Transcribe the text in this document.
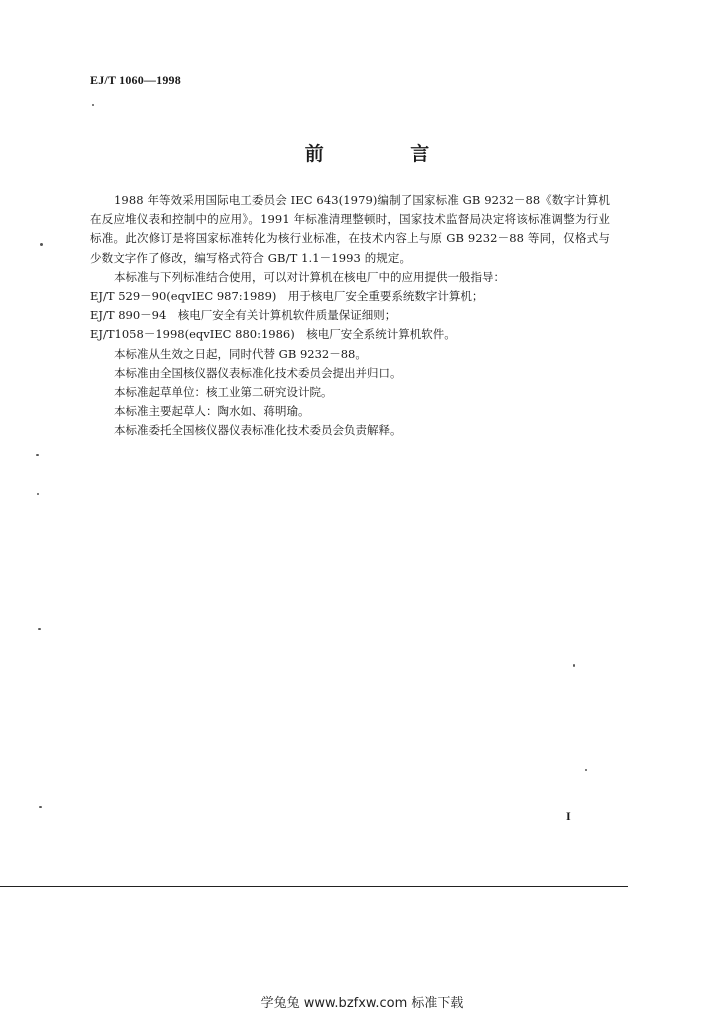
EJ/T 1060—1998
前 言

1988 年等效采用国际电工委员会 IEC 643(1979)编制了国家标准 GB 9232－88《数字计算机在反应堆仪表和控制中的应用》。1991 年标准清理整顿时，国家技术监督局决定将该标准调整为行业标准。此次修订是将国家标准转化为核行业标准，在技术内容上与原 GB 9232－88 等同，仅格式与少数文字作了修改，编写格式符合 GB/T 1.1－1993 的规定。

本标准与下列标准结合使用，可以对计算机在核电厂中的应用提供一般指导：

EJ/T 529－90(eqvIEC 987:1989)　用于核电厂安全重要系统数字计算机；

EJ/T 890－94　核电厂安全有关计算机软件质量保证细则；

EJ/T1058－1998(eqvIEC 880:1986)　核电厂安全系统计算机软件。

本标准从生效之日起，同时代替 GB 9232－88。

本标准由全国核仪器仪表标准化技术委员会提出并归口。

本标准起草单位：核工业第二研究设计院。

本标准主要起草人：陶水如、蒋明瑜。

本标准委托全国核仪器仪表标准化技术委员会负责解释。

I
学兔兔 www.bzfxw.com 标准下载
